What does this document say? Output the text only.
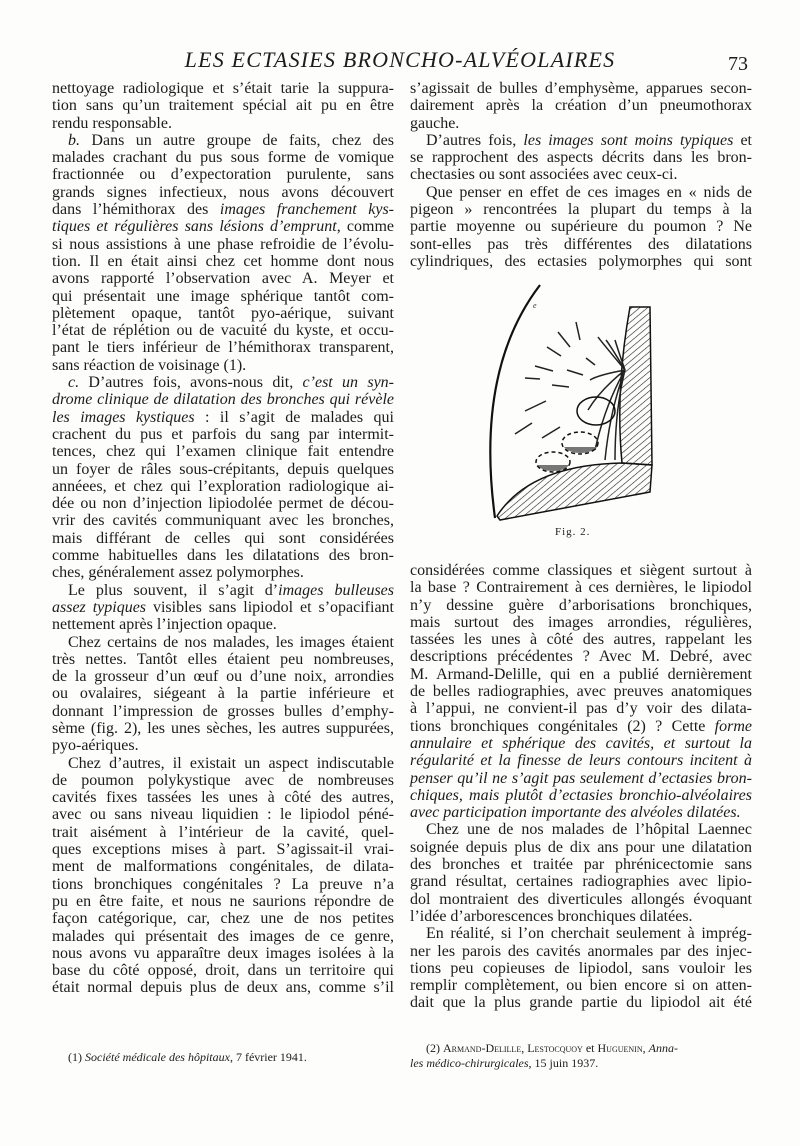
LES ECTASIES BRONCHO-ALVÉOLAIRES	73
nettoyage radiologique et s’était tarie la suppura-
tion sans qu’un traitement spécial ait pu en être
rendu responsable.
b. Dans un autre groupe de faits, chez des
malades crachant du pus sous forme de vomique
fractionnée ou d’expectoration purulente, sans
grands signes infectieux, nous avons découvert
dans l’hémithorax des images franchement kys-
tiques et régulières sans lésions d’emprunt, comme
si nous assistions à une phase refroidie de l’évolu-
tion. Il en était ainsi chez cet homme dont nous
avons rapporté l’observation avec A. Meyer et
qui présentait une image sphérique tantôt com-
plètement opaque, tantôt pyo-aérique, suivant
l’état de réplétion ou de vacuité du kyste, et occu-
pant le tiers inférieur de l’hémithorax transparent,
sans réaction de voisinage (1).
c. D’autres fois, avons-nous dit, c’est un syn-
drome clinique de dilatation des bronches qui révèle
les images kystiques : il s’agit de malades qui
crachent du pus et parfois du sang par intermit-
tences, chez qui l’examen clinique fait entendre
un foyer de râles sous-crépitants, depuis quelques
annéees, et chez qui l’exploration radiologique ai-
dée ou non d’injection lipiodolée permet de décou-
vrir des cavités communiquant avec les bronches,
mais différant de celles qui sont considérées
comme habituelles dans les dilatations des bron-
ches, généralement assez polymorphes.
Le plus souvent, il s’agit d’images bulleuses
assez typiques visibles sans lipiodol et s’opacifiant
nettement après l’injection opaque.
Chez certains de nos malades, les images étaient
très nettes. Tantôt elles étaient peu nombreuses,
de la grosseur d’un œuf ou d’une noix, arrondies
ou ovalaires, siégeant à la partie inférieure et
donnant l’impression de grosses bulles d’emphy-
sème (fig. 2), les unes sèches, les autres suppurées,
pyo-aériques.
Chez d’autres, il existait un aspect indiscutable
de poumon polykystique avec de nombreuses
cavités fixes tassées les unes à côté des autres,
avec ou sans niveau liquidien : le lipiodol péné-
trait aisément à l’intérieur de la cavité, quel-
ques exceptions mises à part. S’agissait-il vrai-
ment de malformations congénitales, de dilata-
tions bronchiques congénitales ? La preuve n’a
pu en être faite, et nous ne saurions répondre de
façon catégorique, car, chez une de nos petites
malades qui présentait des images de ce genre,
nous avons vu apparaître deux images isolées à la
base du côté opposé, droit, dans un territoire qui
était normal depuis plus de deux ans, comme s’il
s’agissait de bulles d’emphysème, apparues secon-
dairement après la création d’un pneumothorax
gauche.
D’autres fois, les images sont moins typiques et
se rapprochent des aspects décrits dans les bron-
chectasies ou sont associées avec ceux-ci.
Que penser en effet de ces images en « nids de
pigeon » rencontrées la plupart du temps à la
partie moyenne ou supérieure du poumon ? Ne
sont-elles pas très différentes des dilatations
cylindriques, des ectasies polymorphes qui sont
considérées comme classiques et siègent surtout à
la base ? Contrairement à ces dernières, le lipiodol
n’y dessine guère d’arborisations bronchiques,
mais surtout des images arrondies, régulières,
tassées les unes à côté des autres, rappelant les
descriptions précédentes ? Avec M. Debré, avec
M. Armand-Delille, qui en a publié dernièrement
de belles radiographies, avec preuves anatomiques
à l’appui, ne convient-il pas d’y voir des dilata-
tions bronchiques congénitales (2) ? Cette forme
annulaire et sphérique des cavités, et surtout la
régularité et la finesse de leurs contours incitent à
penser qu’il ne s’agit pas seulement d’ectasies bron-
chiques, mais plutôt d’ectasies bronchio-alvéolaires
avec participation importante des alvéoles dilatées.
Chez une de nos malades de l’hôpital Laennec
soignée depuis plus de dix ans pour une dilatation
des bronches et traitée par phrénicectomie sans
grand résultat, certaines radiographies avec lipio-
dol montraient des diverticules allongés évoquant
l’idée d’arborescences bronchiques dilatées.
En réalité, si l’on cherchait seulement à imprég-
ner les parois des cavités anormales par des injec-
tions peu copieuses de lipiodol, sans vouloir les
remplir complètement, ou bien encore si on atten-
dait que la plus grande partie du lipiodol ait été
e
Fig. 2.
(1) Société médicale des hôpitaux, 7 février 1941.
(2) Armand-Delille, Lestocquoy et Huguenin, Anna-
les médico-chirurgicales, 15 juin 1937.
